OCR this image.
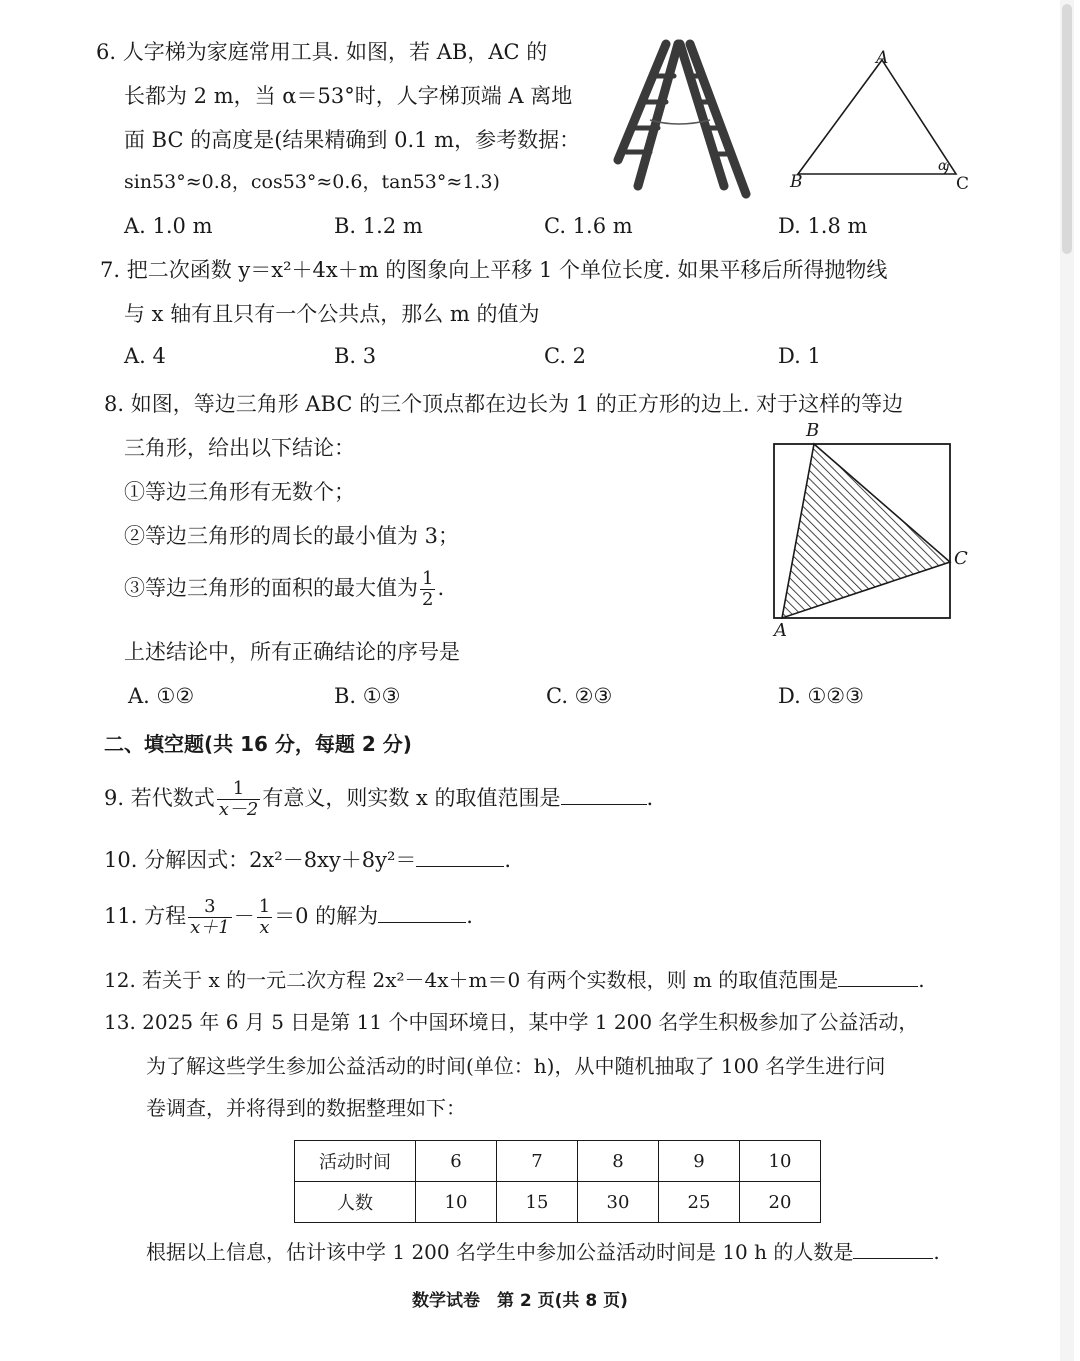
6. 人字梯为家庭常用工具. 如图，若 AB，AC 的
长都为 2 m，当 α＝53°时，人字梯顶端 A 离地
面 BC 的高度是(结果精确到 0.1 m，参考数据：
sin53°≈0.8，cos53°≈0.6，tan53°≈1.3)
A
B	C
α
A. 1.0 m	B. 1.2 m	C. 1.6 m	D. 1.8 m
7. 把二次函数 y＝x²＋4x＋m 的图象向上平移 1 个单位长度. 如果平移后所得抛物线
与 x 轴有且只有一个公共点，那么 m 的值为
A. 4	B. 3	C. 2	D. 1
8. 如图，等边三角形 ABC 的三个顶点都在边长为 1 的正方形的边上. 对于这样的等边
三角形，给出以下结论：
①等边三角形有无数个；
②等边三角形的周长的最小值为 3；
③等边三角形的面积的最大值为 $\frac{1}{2}$ .
上述结论中，所有正确结论的序号是
B
C
A
A. ①②	B. ①③	C. ②③	D. ①②③
二、填空题(共 16 分，每题 2 分)
9. 若代数式 $\frac{1}{x-2}$ 有意义，则实数 x 的取值范围是	.
10. 分解因式：2x²－8xy＋8y²＝	.
11. 方程 $\frac{3}{x+1} - \frac{1}{x} =0$ 的解为	.
12. 若关于 x 的一元二次方程 2x²－4x＋m＝0 有两个实数根，则 m 的取值范围是	.
13. 2025 年 6 月 5 日是第 11 个中国环境日，某中学 1 200 名学生积极参加了公益活动，
为了解这些学生参加公益活动的时间(单位：h)，从中随机抽取了 100 名学生进行问
卷调查，并将得到的数据整理如下：
活动时间	6	7	8	9	10
人数	10	15	30	25	20
根据以上信息，估计该中学 1 200 名学生中参加公益活动时间是 10 h 的人数是	.
数学试卷　第 2 页(共 8 页)
